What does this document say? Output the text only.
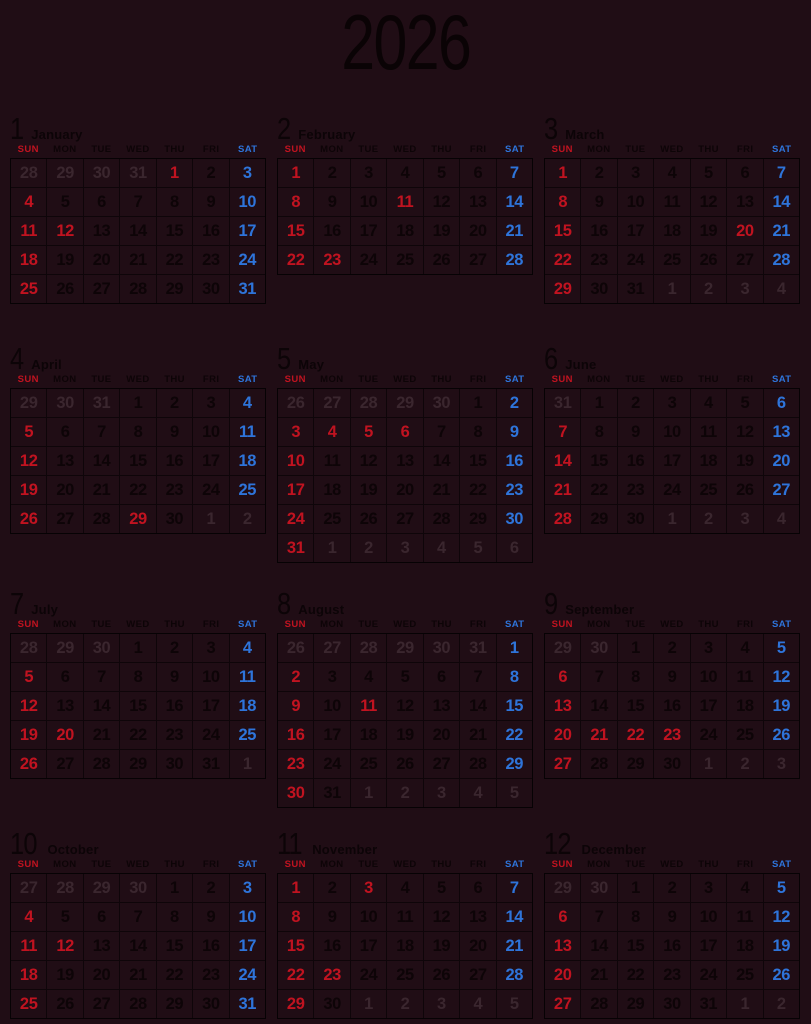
2026
1 January
SUN	MON	TUE	WED	THU	FRI	SAT
28	29	30	31	1	2	3
4	5	6	7	8	9	10
11	12	13	14	15	16	17
18	19	20	21	22	23	24
25	26	27	28	29	30	31
2 February
SUN	MON	TUE	WED	THU	FRI	SAT
1	2	3	4	5	6	7
8	9	10	11	12	13	14
15	16	17	18	19	20	21
22	23	24	25	26	27	28
3 March
SUN	MON	TUE	WED	THU	FRI	SAT
1	2	3	4	5	6	7
8	9	10	11	12	13	14
15	16	17	18	19	20	21
22	23	24	25	26	27	28
29	30	31	1	2	3	4
4 April
SUN	MON	TUE	WED	THU	FRI	SAT
29	30	31	1	2	3	4
5	6	7	8	9	10	11
12	13	14	15	16	17	18
19	20	21	22	23	24	25
26	27	28	29	30	1	2
5 May
SUN	MON	TUE	WED	THU	FRI	SAT
26	27	28	29	30	1	2
3	4	5	6	7	8	9
10	11	12	13	14	15	16
17	18	19	20	21	22	23
24	25	26	27	28	29	30
31	1	2	3	4	5	6
6 June
SUN	MON	TUE	WED	THU	FRI	SAT
31	1	2	3	4	5	6
7	8	9	10	11	12	13
14	15	16	17	18	19	20
21	22	23	24	25	26	27
28	29	30	1	2	3	4
7 July
SUN	MON	TUE	WED	THU	FRI	SAT
28	29	30	1	2	3	4
5	6	7	8	9	10	11
12	13	14	15	16	17	18
19	20	21	22	23	24	25
26	27	28	29	30	31	1
8 August
SUN	MON	TUE	WED	THU	FRI	SAT
26	27	28	29	30	31	1
2	3	4	5	6	7	8
9	10	11	12	13	14	15
16	17	18	19	20	21	22
23	24	25	26	27	28	29
30	31	1	2	3	4	5
9 September
SUN	MON	TUE	WED	THU	FRI	SAT
29	30	1	2	3	4	5
6	7	8	9	10	11	12
13	14	15	16	17	18	19
20	21	22	23	24	25	26
27	28	29	30	1	2	3
10 October
SUN	MON	TUE	WED	THU	FRI	SAT
27	28	29	30	1	2	3
4	5	6	7	8	9	10
11	12	13	14	15	16	17
18	19	20	21	22	23	24
25	26	27	28	29	30	31
11 November
SUN	MON	TUE	WED	THU	FRI	SAT
1	2	3	4	5	6	7
8	9	10	11	12	13	14
15	16	17	18	19	20	21
22	23	24	25	26	27	28
29	30	1	2	3	4	5
12 December
SUN	MON	TUE	WED	THU	FRI	SAT
29	30	1	2	3	4	5
6	7	8	9	10	11	12
13	14	15	16	17	18	19
20	21	22	23	24	25	26
27	28	29	30	31	1	2
